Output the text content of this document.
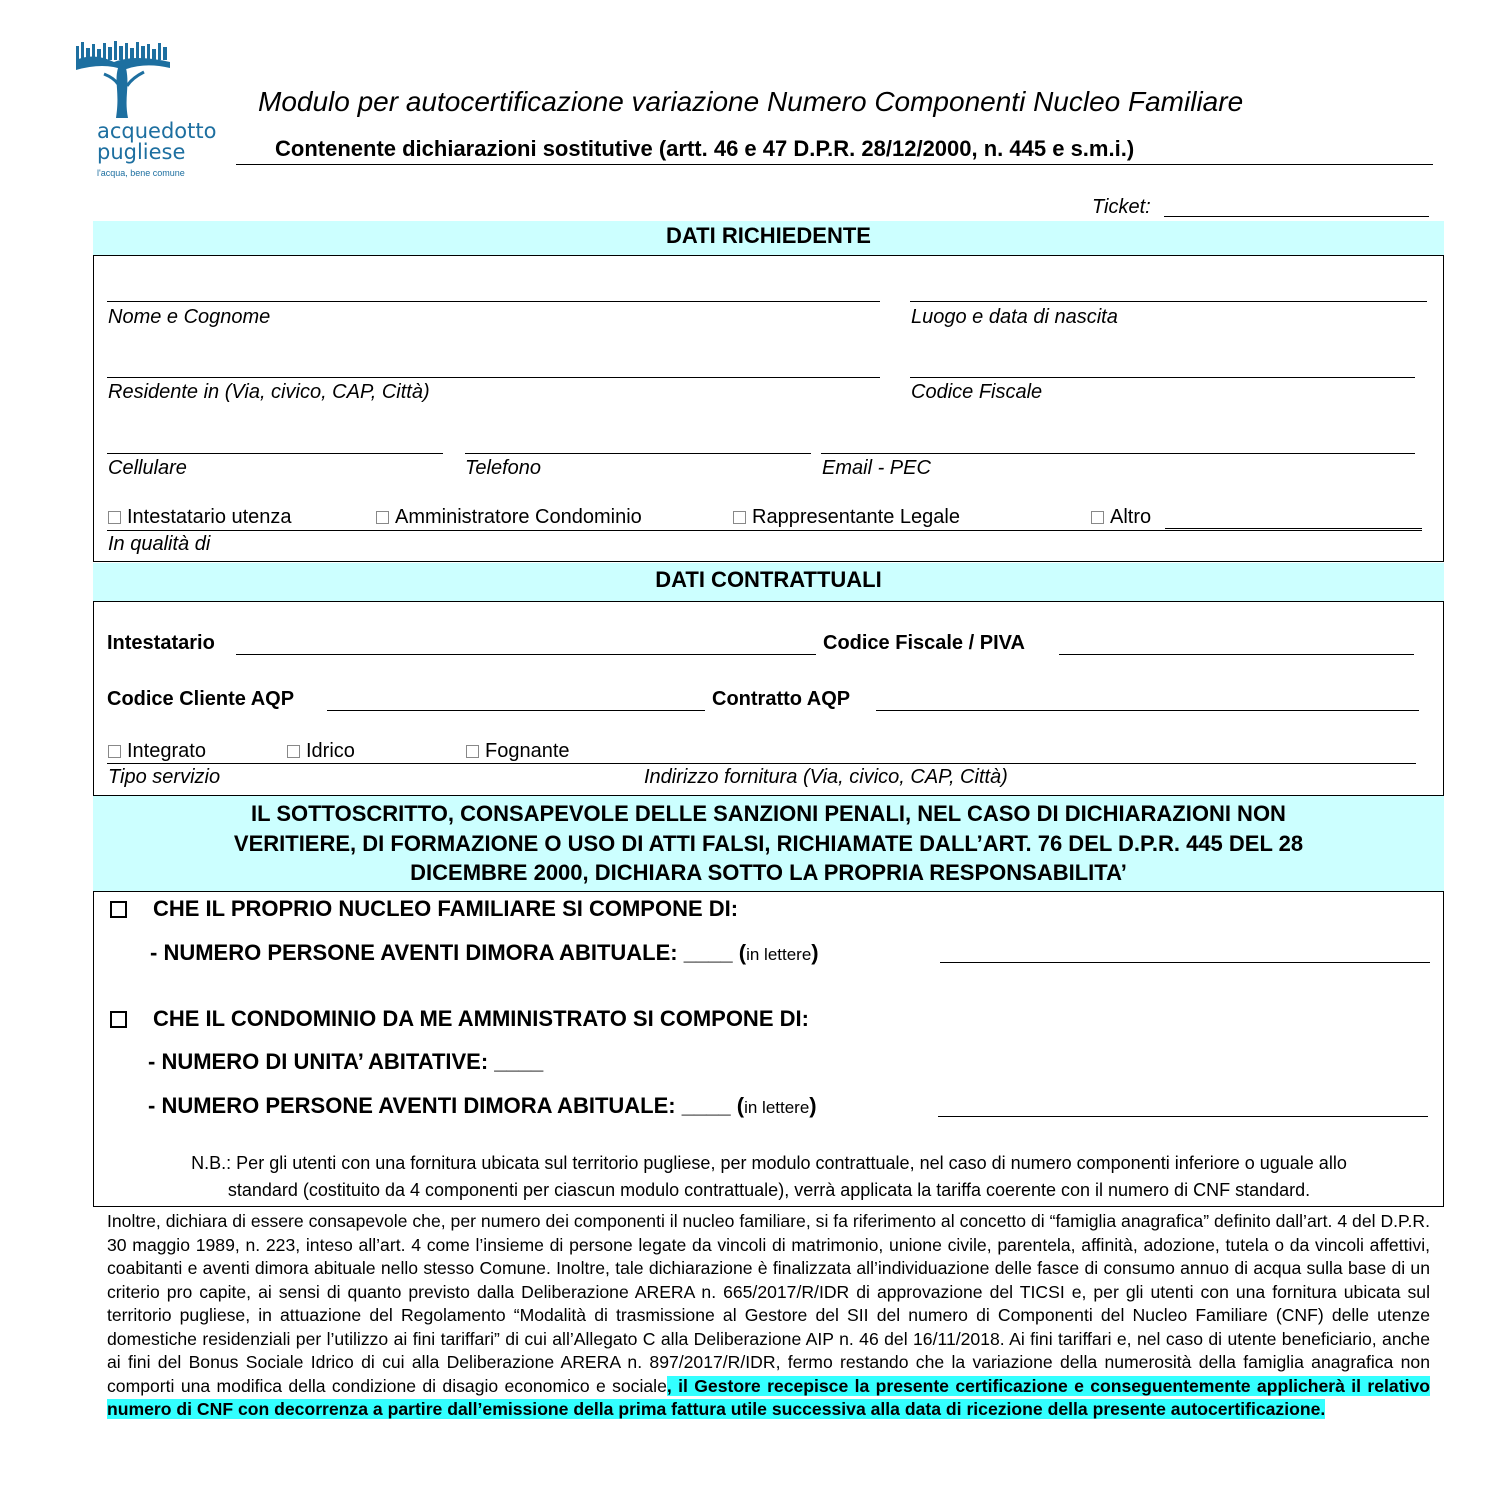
acquedotto
pugliese
l'acqua, bene comune
Modulo per autocertificazione variazione Numero Componenti Nucleo Familiare
Contenente dichiarazioni sostitutive (artt. 46 e 47 D.P.R. 28/12/2000, n. 445 e s.m.i.)
Ticket:
DATI RICHIEDENTE
Nome e Cognome	Luogo e data di nascita
Residente in (Via, civico, CAP, Città)	Codice Fiscale
Cellulare	Telefono	Email - PEC
Intestatario utenza	Amministratore Condominio	Rappresentante Legale	Altro
In qualità di
DATI CONTRATTUALI
Intestatario	Codice Fiscale / PIVA
Codice Cliente AQP	Contratto AQP
Integrato	Idrico	Fognante
Tipo servizio	Indirizzo fornitura (Via, civico, CAP, Città)
IL SOTTOSCRITTO, CONSAPEVOLE DELLE SANZIONI PENALI, NEL CASO DI DICHIARAZIONI NON
VERITIERE, DI FORMAZIONE O USO DI ATTI FALSI, RICHIAMATE DALL’ART. 76 DEL D.P.R. 445 DEL 28
DICEMBRE 2000, DICHIARA SOTTO LA PROPRIA RESPONSABILITA’
CHE IL PROPRIO NUCLEO FAMILIARE SI COMPONE DI:
- NUMERO PERSONE AVENTI DIMORA ABITUALE: ____ (in lettere)
CHE IL CONDOMINIO DA ME AMMINISTRATO SI COMPONE DI:
- NUMERO DI UNITA’ ABITATIVE: ____
- NUMERO PERSONE AVENTI DIMORA ABITUALE: ____ (in lettere)
N.B.: Per gli utenti con una fornitura ubicata sul territorio pugliese, per modulo contrattuale, nel caso di numero componenti inferiore o uguale allo
standard (costituito da 4 componenti per ciascun modulo contrattuale), verrà applicata la tariffa coerente con il numero di CNF standard.
Inoltre, dichiara di essere consapevole che, per numero dei componenti il nucleo familiare, si fa riferimento al concetto di “famiglia anagrafica” definito dall’art. 4 del D.P.R. 30 maggio 1989, n. 223, inteso all’art. 4 come l’insieme di persone legate da vincoli di matrimonio, unione civile, parentela, affinità, adozione, tutela o da vincoli affettivi, coabitanti e aventi dimora abituale nello stesso Comune. Inoltre, tale dichiarazione è finalizzata all’individuazione delle fasce di consumo annuo di acqua sulla base di un criterio pro capite, ai sensi di quanto previsto dalla Deliberazione ARERA n. 665/2017/R/IDR di approvazione del TICSI e, per gli utenti con una fornitura ubicata sul territorio pugliese, in attuazione del Regolamento “Modalità di trasmissione al Gestore del SII del numero di Componenti del Nucleo Familiare (CNF) delle utenze domestiche residenziali per l’utilizzo ai fini tariffari” di cui all’Allegato C alla Deliberazione AIP n. 46 del 16/11/2018. Ai fini tariffari e, nel caso di utente beneficiario, anche ai fini del Bonus Sociale Idrico di cui alla Deliberazione ARERA n. 897/2017/R/IDR, fermo restando che la variazione della numerosità della famiglia anagrafica non comporti una modifica della condizione di disagio economico e sociale, il Gestore recepisce la presente certificazione e conseguentemente applicherà il relativo numero di CNF con decorrenza a partire dall’emissione della prima fattura utile successiva alla data di ricezione della presente autocertificazione.
